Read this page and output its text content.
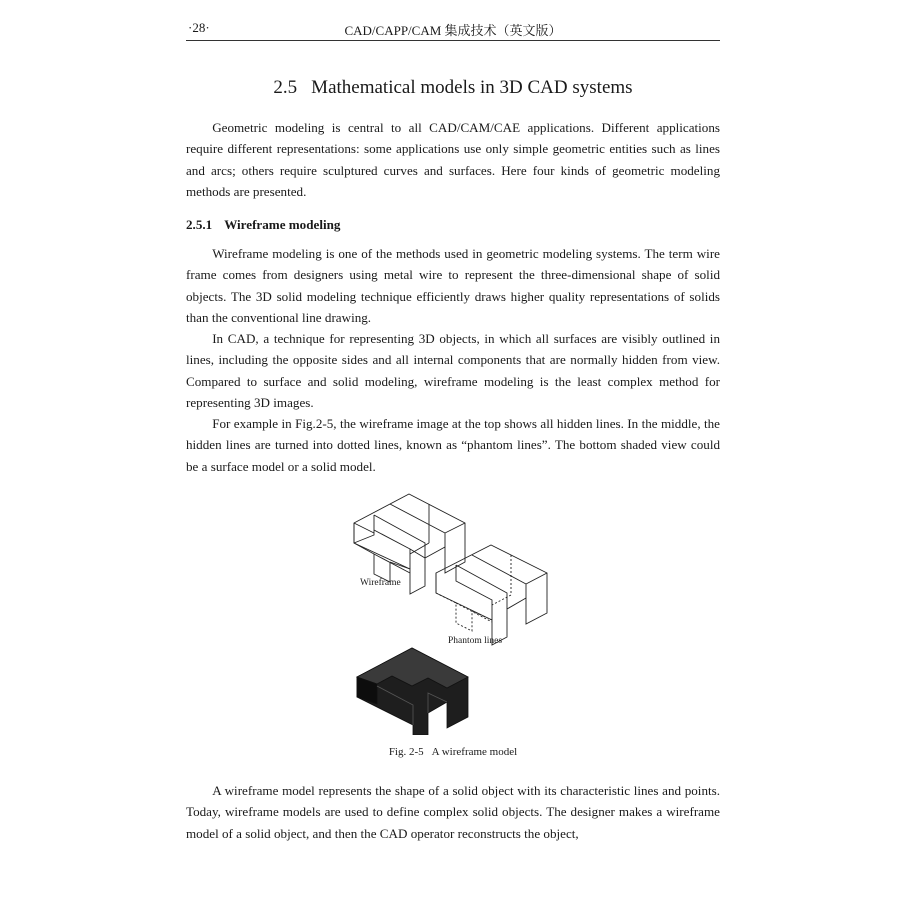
·28·	CAD/CAPP/CAM 集成技术（英文版）
2.5 Mathematical models in 3D CAD systems

Geometric modeling is central to all CAD/CAM/CAE applications. Different applications require different representations: some applications use only simple geometric entities such as lines and arcs; others require sculptured curves and surfaces. Here four kinds of geometric modeling methods are presented.

2.5.1 Wireframe modeling

Wireframe modeling is one of the methods used in geometric modeling systems. The term wire frame comes from designers using metal wire to represent the three-dimensional shape of solid objects. The 3D solid modeling technique efficiently draws higher quality representations of solids than the conventional line drawing.

In CAD, a technique for representing 3D objects, in which all surfaces are visibly outlined in lines, including the opposite sides and all internal components that are normally hidden from view. Compared to surface and solid modeling, wireframe modeling is the least complex method for representing 3D images.

For example in Fig.2-5, the wireframe image at the top shows all hidden lines. In the middle, the hidden lines are turned into dotted lines, known as “phantom lines”. The bottom shaded view could be a surface model or a solid model.

Wireframe
Phantom lines
Fig. 2-5 A wireframe model

A wireframe model represents the shape of a solid object with its characteristic lines and points. Today, wireframe models are used to define complex solid objects. The designer makes a wireframe model of a solid object, and then the CAD operator reconstructs the object,
